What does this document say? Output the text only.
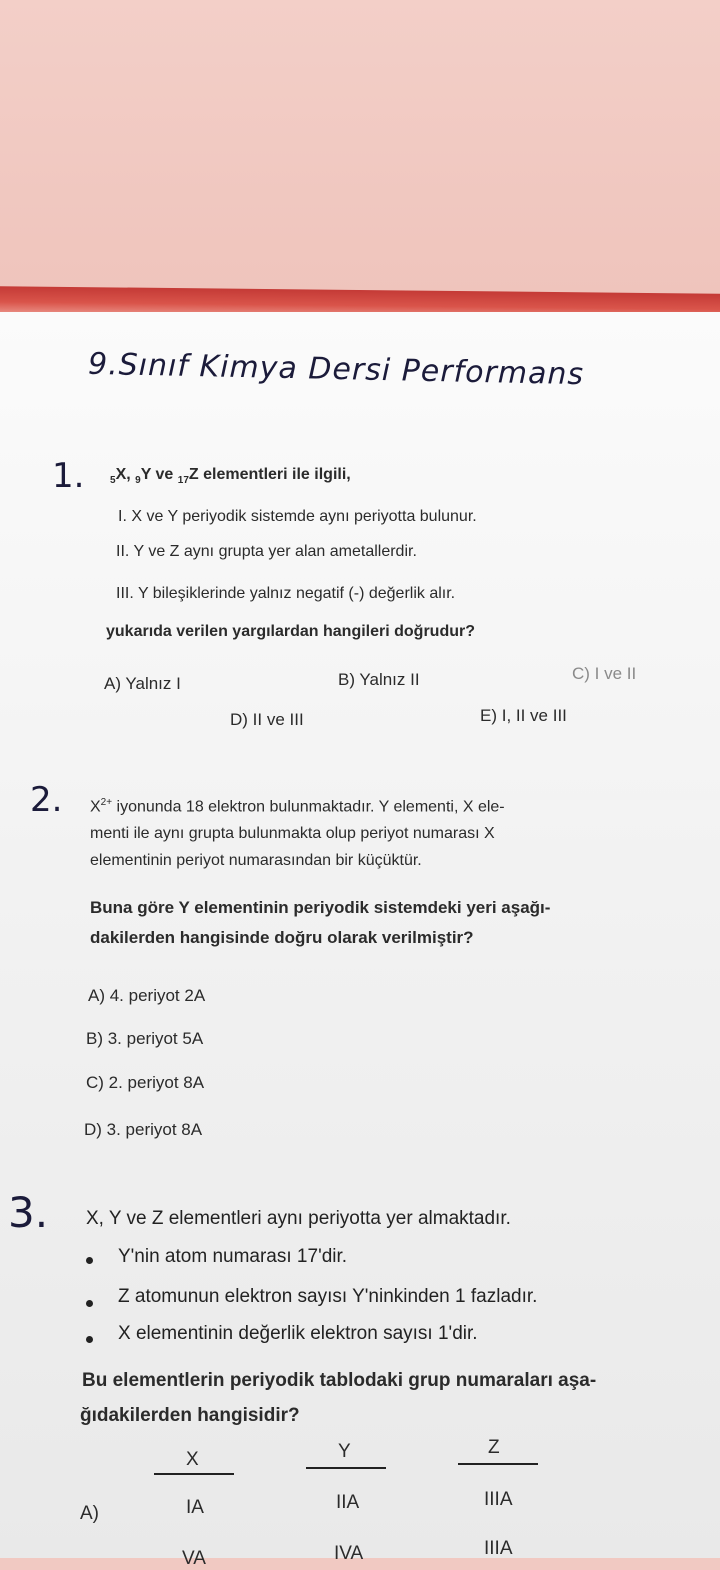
9.Sınıf Kimya Dersi Performans
1.	$_5$X, $_9$Y ve $_{17}$Z elementleri ile ilgili,
I. X ve Y periyodik sistemde aynı periyotta bulunur.
II. Y ve Z aynı grupta yer alan ametallerdir.
III. Y bileşiklerinde yalnız negatif (-) değerlik alır.
yukarıda verilen yargılardan hangileri doğrudur?
A) Yalnız I	B) Yalnız II	C) I ve II
D) II ve III	E) I, II ve III
2. $X^{2+}$ iyonunda 18 elektron bulunmaktadır. Y elementi, X ele-
menti ile aynı grupta bulunmakta olup periyot numarası X
elementinin periyot numarasından bir küçüktür.
Buna göre Y elementinin periyodik sistemdeki yeri aşağı-
dakilerden hangisinde doğru olarak verilmiştir?
A) 4. periyot 2A
B) 3. periyot 5A
C) 2. periyot 8A
D) 3. periyot 8A
3. X, Y ve Z elementleri aynı periyotta yer almaktadır.
Y'nin atom numarası 17'dir.
Z atomunun elektron sayısı Y'ninkinden 1 fazladır.
X elementinin değerlik elektron sayısı 1'dir.
Bu elementlerin periyodik tablodaki grup numaraları aşa-
ğıdakilerden hangisidir?
X	Y	Z
A)	IA	IIA	IIIA
VA	IVA	IIIA
